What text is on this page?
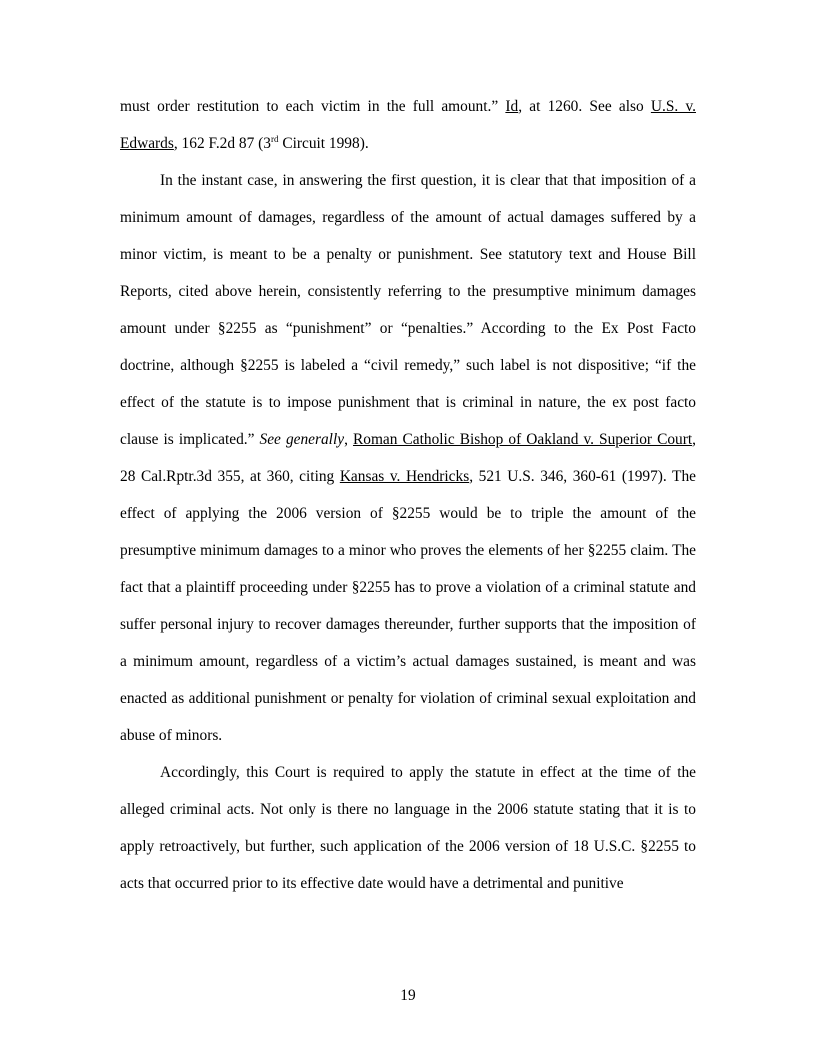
must order restitution to each victim in the full amount.” Id, at 1260. See also U.S. v. Edwards, 162 F.2d 87 (3rd Circuit 1998).

In the instant case, in answering the first question, it is clear that that imposition of a minimum amount of damages, regardless of the amount of actual damages suffered by a minor victim, is meant to be a penalty or punishment. See statutory text and House Bill Reports, cited above herein, consistently referring to the presumptive minimum damages amount under §2255 as “punishment” or “penalties.” According to the Ex Post Facto doctrine, although §2255 is labeled a “civil remedy,” such label is not dispositive; “if the effect of the statute is to impose punishment that is criminal in nature, the ex post facto clause is implicated.” See generally, Roman Catholic Bishop of Oakland v. Superior Court, 28 Cal.Rptr.3d 355, at 360, citing Kansas v. Hendricks, 521 U.S. 346, 360-61 (1997). The effect of applying the 2006 version of §2255 would be to triple the amount of the presumptive minimum damages to a minor who proves the elements of her §2255 claim. The fact that a plaintiff proceeding under §2255 has to prove a violation of a criminal statute and suffer personal injury to recover damages thereunder, further supports that the imposition of a minimum amount, regardless of a victim’s actual damages sustained, is meant and was enacted as additional punishment or penalty for violation of criminal sexual exploitation and abuse of minors.

Accordingly, this Court is required to apply the statute in effect at the time of the alleged criminal acts. Not only is there no language in the 2006 statute stating that it is to apply retroactively, but further, such application of the 2006 version of 18 U.S.C. §2255 to acts that occurred prior to its effective date would have a detrimental and punitive

19
